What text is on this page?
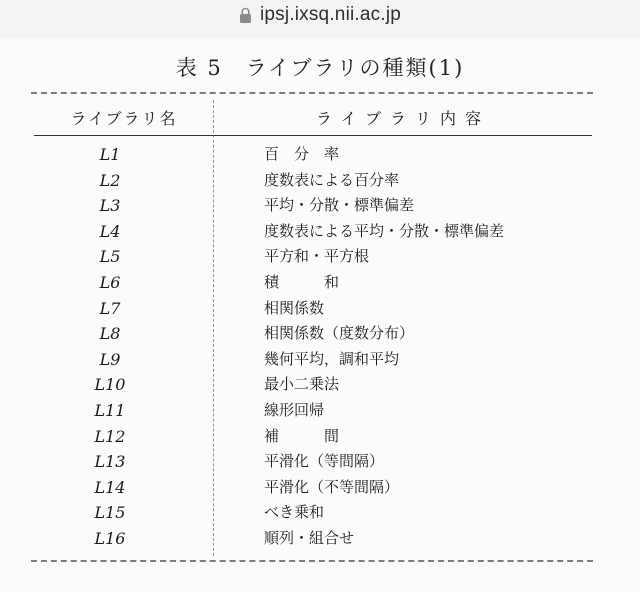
ipsj.ixsq.nii.ac.jp
表 5　ライブラリの種類(1)
ライブラリ名	ライブラリ内容
L1	百　分　率
L2	度数表による百分率
L3	平均・分散・標準偏差
L4	度数表による平均・分散・標準偏差
L5	平方和・平方根
L6	積　　　和
L7	相関係数
L8	相関係数（度数分布）
L9	幾何平均，調和平均
L10	最小二乗法
L11	線形回帰
L12	補　　　間
L13	平滑化（等間隔）
L14	平滑化（不等間隔）
L15	べき乗和
L16	順列・組合せ
